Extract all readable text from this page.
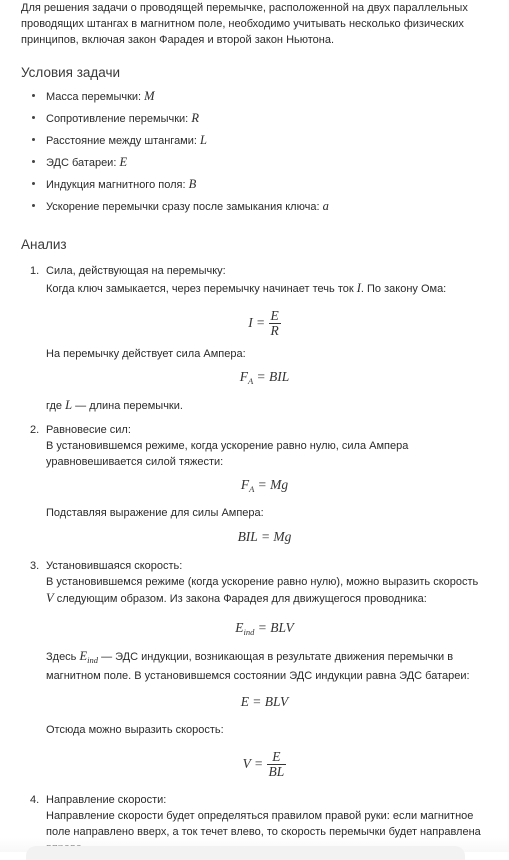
Для решения задачи о проводящей перемычке, расположенной на двух параллельных проводящих штангах в магнитном поле, необходимо учитывать несколько физических принципов, включая закон Фарадея и второй закон Ньютона.

Условия задачи
Масса перемычки: M
Сопротивление перемычки: R
Расстояние между штангами: L
ЭДС батареи: E
Индукция магнитного поля: B
Ускорение перемычки сразу после замыкания ключа: a
Анализ
1. Сила, действующая на перемычку:
Когда ключ замыкается, через перемычку начинает течь ток I. По закону Ома:
$I = \frac{E}{R}$
На перемычку действует сила Ампера:
$F_A$ = BIL
где L — длина перемычки.
2. Равновесие сил:
В установившемся режиме, когда ускорение равно нулю, сила Ампера уравновешивается силой тяжести:
$F_A = Mg$
Подставляя выражение для силы Ампера:
BIL = Mg
3. Установившаяся скорость:
В установившемся режиме (когда ускорение равно нулю), можно выразить скорость V следующим образом. Из закона Фарадея для движущегося проводника:
$E_{ind}$ = BLV
Здесь $E_{ind}$ — ЭДС индукции, возникающая в результате движения перемычки в магнитном поле. В установившемся состоянии ЭДС индукции равна ЭДС батареи:
E = BLV
Отсюда можно выразить скорость:
$V = \frac{E}{BL}$
4. Направление скорости:
Направление скорости будет определяться правилом правой руки: если магнитное поле направлено вверх, а ток течет влево, то скорость перемычки будет направлена
